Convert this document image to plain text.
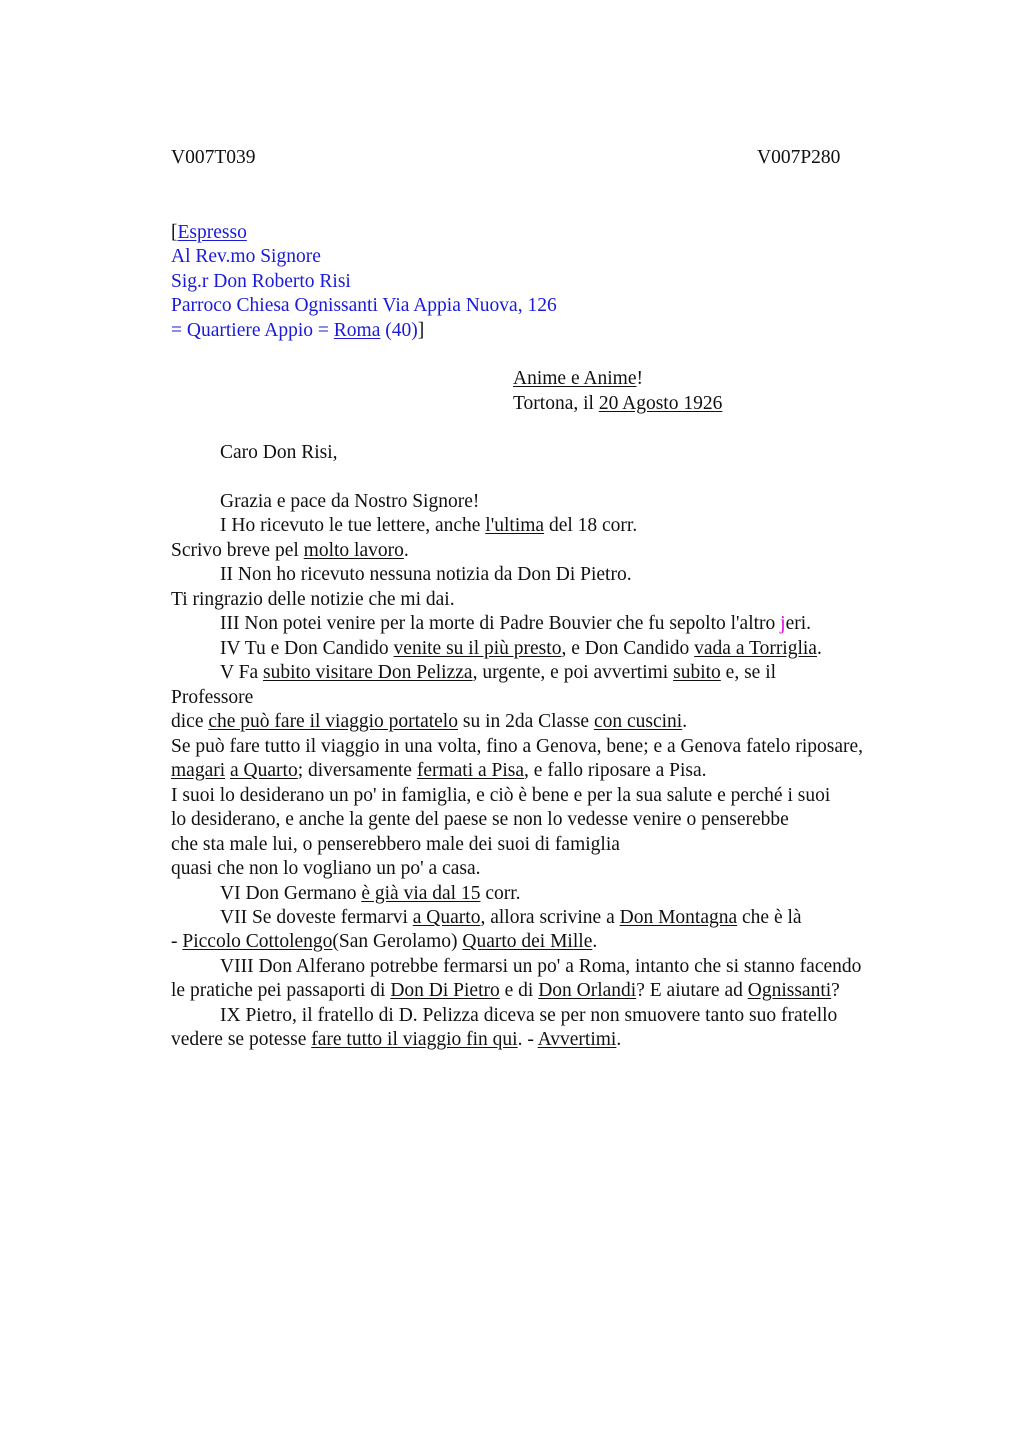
V007T039	V007P280
[Espresso
Al Rev.mo Signore
Sig.r Don Roberto Risi
Parroco Chiesa Ognissanti Via Appia Nuova, 126
= Quartiere Appio = Roma (40)]
Anime e Anime!
Tortona, il 20 Agosto 1926
Caro Don Risi,
Grazia e pace da Nostro Signore!
I Ho ricevuto le tue lettere, anche l'ultima del 18 corr.
Scrivo breve pel molto lavoro.
II Non ho ricevuto nessuna notizia da Don Di Pietro.
Ti ringrazio delle notizie che mi dai.
III Non potei venire per la morte di Padre Bouvier che fu sepolto l'altro jeri.
IV Tu e Don Candido venite su il più presto, e Don Candido vada a Torriglia.
V Fa subito visitare Don Pelizza, urgente, e poi avvertimi subito e, se il
Professore
dice che può fare il viaggio portatelo su in 2da Classe con cuscini.
Se può fare tutto il viaggio in una volta, fino a Genova, bene; e a Genova fatelo riposare,
magari a Quarto; diversamente fermati a Pisa, e fallo riposare a Pisa.
I suoi lo desiderano un po' in famiglia, e ciò è bene e per la sua salute e perché i suoi
lo desiderano, e anche la gente del paese se non lo vedesse venire o penserebbe
che sta male lui, o penserebbero male dei suoi di famiglia
quasi che non lo vogliano un po' a casa.
VI Don Germano è già via dal 15 corr.
VII Se doveste fermarvi a Quarto, allora scrivine a Don Montagna che è là
- Piccolo Cottolengo(San Gerolamo) Quarto dei Mille.
VIII Don Alferano potrebbe fermarsi un po' a Roma, intanto che si stanno facendo
le pratiche pei passaporti di Don Di Pietro e di Don Orlandi? E aiutare ad Ognissanti?
IX Pietro, il fratello di D. Pelizza diceva se per non smuovere tanto suo fratello
vedere se potesse fare tutto il viaggio fin qui. - Avvertimi.
